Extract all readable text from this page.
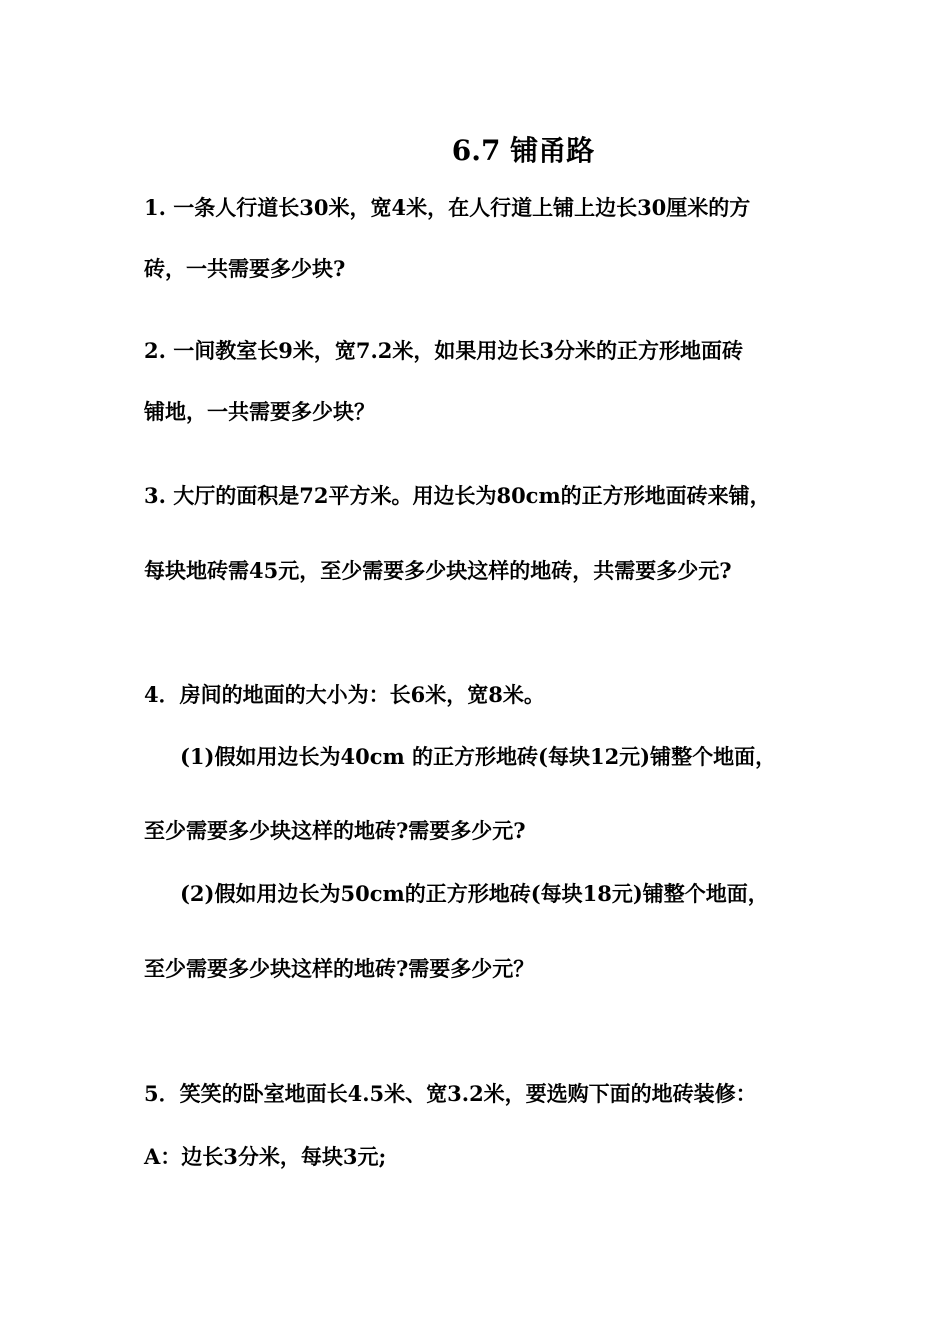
6.7 铺甬路
1. 一条人行道长30米，宽4米，在人行道上铺上边长30厘米的方
砖，一共需要多少块?
2. 一间教室长9米，宽7.2米，如果用边长3分米的正方形地面砖
铺地，一共需要多少块？
3. 大厅的面积是72平方米。用边长为80cm的正方形地面砖来铺，
每块地砖需45元，至少需要多少块这样的地砖，共需要多少元?
4．房间的地面的大小为：长6米，宽8米。
(1)假如用边长为40cm 的正方形地砖(每块12元)铺整个地面，
至少需要多少块这样的地砖?需要多少元?
(2)假如用边长为50cm的正方形地砖(每块18元)铺整个地面，
至少需要多少块这样的地砖?需要多少元？
5．笑笑的卧室地面长4.5米、宽3.2米，要选购下面的地砖装修：
A：边长3分米，每块3元;
